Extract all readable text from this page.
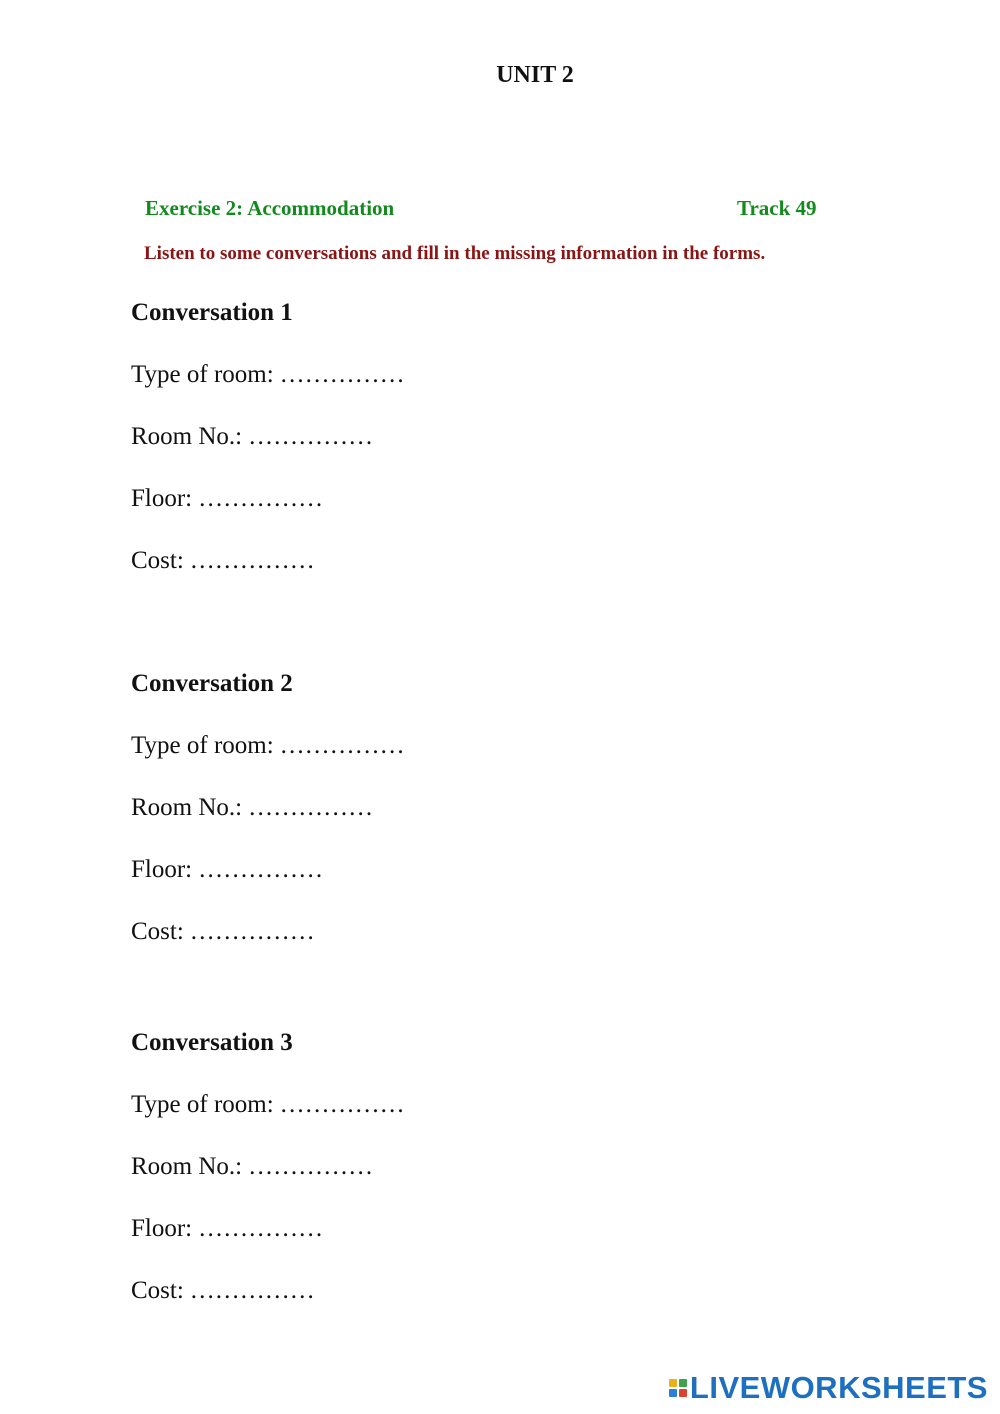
UNIT 2
Exercise 2: Accommodation	Track 49
Listen to some conversations and fill in the missing information in the forms.
Conversation 1
Type of room: ……………
Room No.: ……………
Floor: ……………
Cost: ……………
Conversation 2
Type of room: ……………
Room No.: ……………
Floor: ……………
Cost: ……………
Conversation 3
Type of room: ……………
Room No.: ……………
Floor: ……………
Cost: ……………
LIVEWORKSHEETS
